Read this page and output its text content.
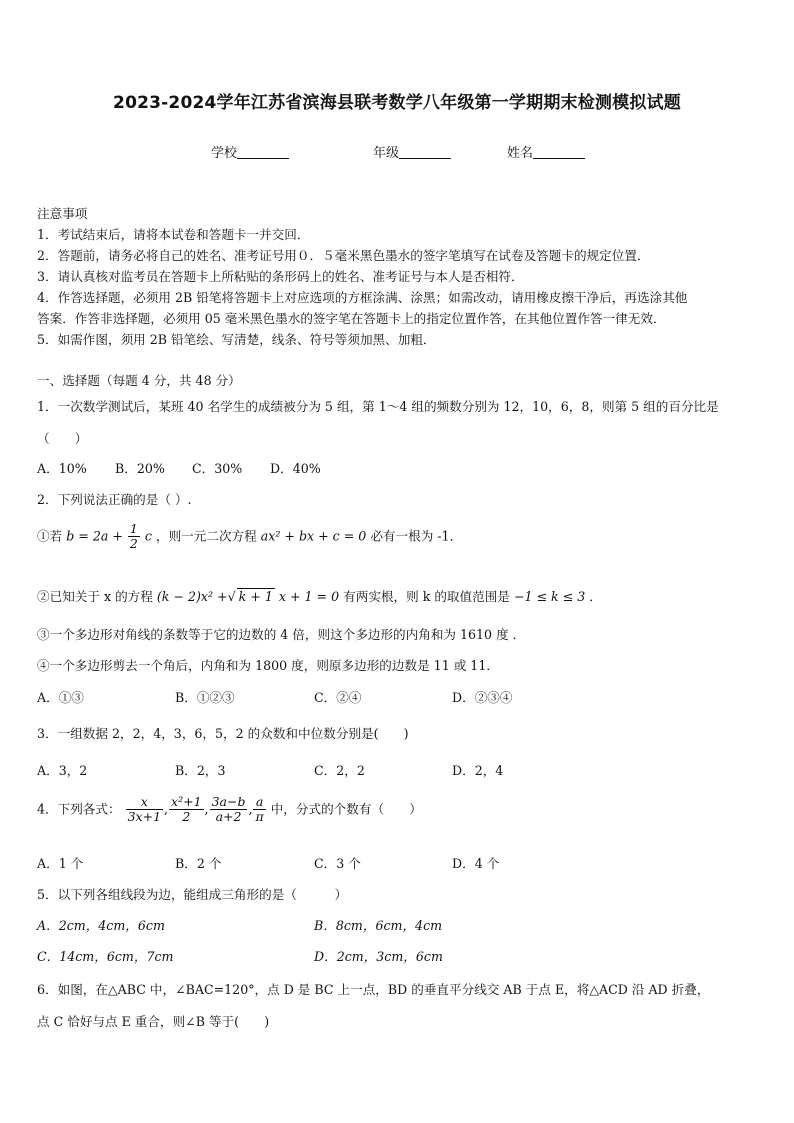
2023-2024学年江苏省滨海县联考数学八年级第一学期期末检测模拟试题
学校	年级	姓名
注意事项
1．考试结束后，请将本试卷和答题卡一并交回．
2．答题前，请务必将自己的姓名、准考证号用０．５毫米黑色墨水的签字笔填写在试卷及答题卡的规定位置．
3．请认真核对监考员在答题卡上所粘贴的条形码上的姓名、准考证号与本人是否相符．
4．作答选择题，必须用 2B 铅笔将答题卡上对应选项的方框涂满、涂黑；如需改动，请用橡皮擦干净后，再选涂其他
答案．作答非选择题，必须用 05 毫米黑色墨水的签字笔在答题卡上的指定位置作答，在其他位置作答一律无效．
5．如需作图，须用 2B 铅笔绘、写清楚，线条、符号等须加黑、加粗．
一、选择题（每题 4 分，共 48 分）
1．一次数学测试后，某班 40 名学生的成绩被分为 5 组，第 1～4 组的频数分别为 12，10，6，8，则第 5 组的百分比是
（　　）
A．10% B．20% C．30% D．40%
2．下列说法正确的是（ ）.
①若 $b = 2a + \frac{1}{2}$ c ，则一元二次方程 ax² + bx + c = 0 必有一根为 -1．
②已知关于 x 的方程 (k − 2)x² +√ k + 1 x + 1 = 0 有两实根，则 k 的取值范围是 −1 ≤ k ≤ 3 ．
③一个多边形对角线的条数等于它的边数的 4 倍，则这个多边形的内角和为 1610 度 ．
④一个多边形剪去一个角后，内角和为 1800 度，则原多边形的边数是 11 或 11．
A．①③	B．①②③	C．②④	D．②③④
3．一组数据 2，2，4，3，6，5，2 的众数和中位数分别是(　　)
A．3，2	B．2，3	C．2，2	D．2，4
4．下列各式： $\frac{x}{3x+1}$ , $\frac{\text{x²+1}}{2}$ , $\frac{3a-b}{a+2}$ , $\frac{a}{\pi}$ 中，分式的个数有（　　）
A．1 个	B．2 个	C．3 个	D．4 个
5．以下列各组线段为边，能组成三角形的是（　　　）
A．2cm，4cm，6cm	B．8cm，6cm，4cm
C．14cm，6cm，7cm	D．2cm，3cm，6cm
6．如图，在△ABC 中，∠BAC=120°，点 D 是 BC 上一点，BD 的垂直平分线交 AB 于点 E，将△ACD 沿 AD 折叠，
点 C 恰好与点 E 重合，则∠B 等于(　　)
